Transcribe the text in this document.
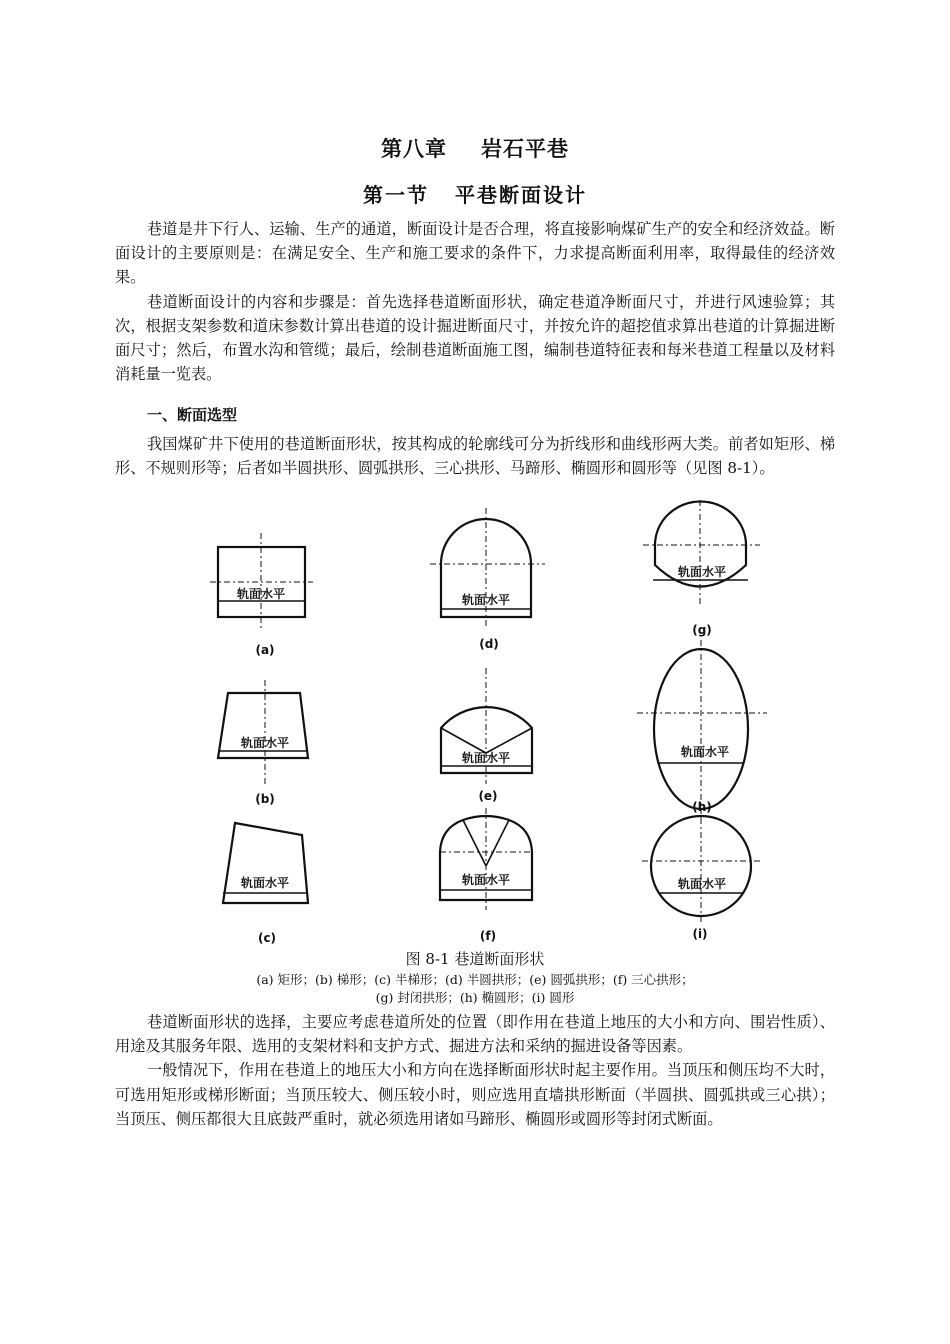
第八章 岩石平巷
第一节 平巷断面设计

巷道是井下行人、运输、生产的通道，断面设计是否合理，将直接影响煤矿生产的安全和经济效益。断面设计的主要原则是：在满足安全、生产和施工要求的条件下，力求提高断面利用率，取得最佳的经济效果。

巷道断面设计的内容和步骤是：首先选择巷道断面形状，确定巷道净断面尺寸，并进行风速验算；其次，根据支架参数和道床参数计算出巷道的设计掘进断面尺寸，并按允许的超挖值求算出巷道的计算掘进断面尺寸；然后，布置水沟和管缆；最后，绘制巷道断面施工图，编制巷道特征表和每米巷道工程量以及材料消耗量一览表。

一、断面选型

我国煤矿井下使用的巷道断面形状，按其构成的轮廓线可分为折线形和曲线形两大类。前者如矩形、梯形、不规则形等；后者如半圆拱形、圆弧拱形、三心拱形、马蹄形、椭圆形和圆形等（见图 8-1）。

轨面水平
(a)
轨面水平
(b)
轨面水平
(c)
轨面水平
(d)
轨面水平
(e)
轨面水平
(f)
轨面水平
(g)
轨面水平
(h)
轨面水平
(i)
图 8-1 巷道断面形状
(a) 矩形；(b) 梯形；(c) 半梯形；(d) 半圆拱形；(e) 圆弧拱形；(f) 三心拱形；
(g) 封闭拱形；(h) 椭圆形；(i) 圆形

巷道断面形状的选择，主要应考虑巷道所处的位置（即作用在巷道上地压的大小和方向、围岩性质）、用途及其服务年限、选用的支架材料和支护方式、掘进方法和采纳的掘进设备等因素。

一般情况下，作用在巷道上的地压大小和方向在选择断面形状时起主要作用。当顶压和侧压均不大时，可选用矩形或梯形断面；当顶压较大、侧压较小时，则应选用直墙拱形断面（半圆拱、圆弧拱或三心拱）；当顶压、侧压都很大且底鼓严重时，就必须选用诸如马蹄形、椭圆形或圆形等封闭式断面。
